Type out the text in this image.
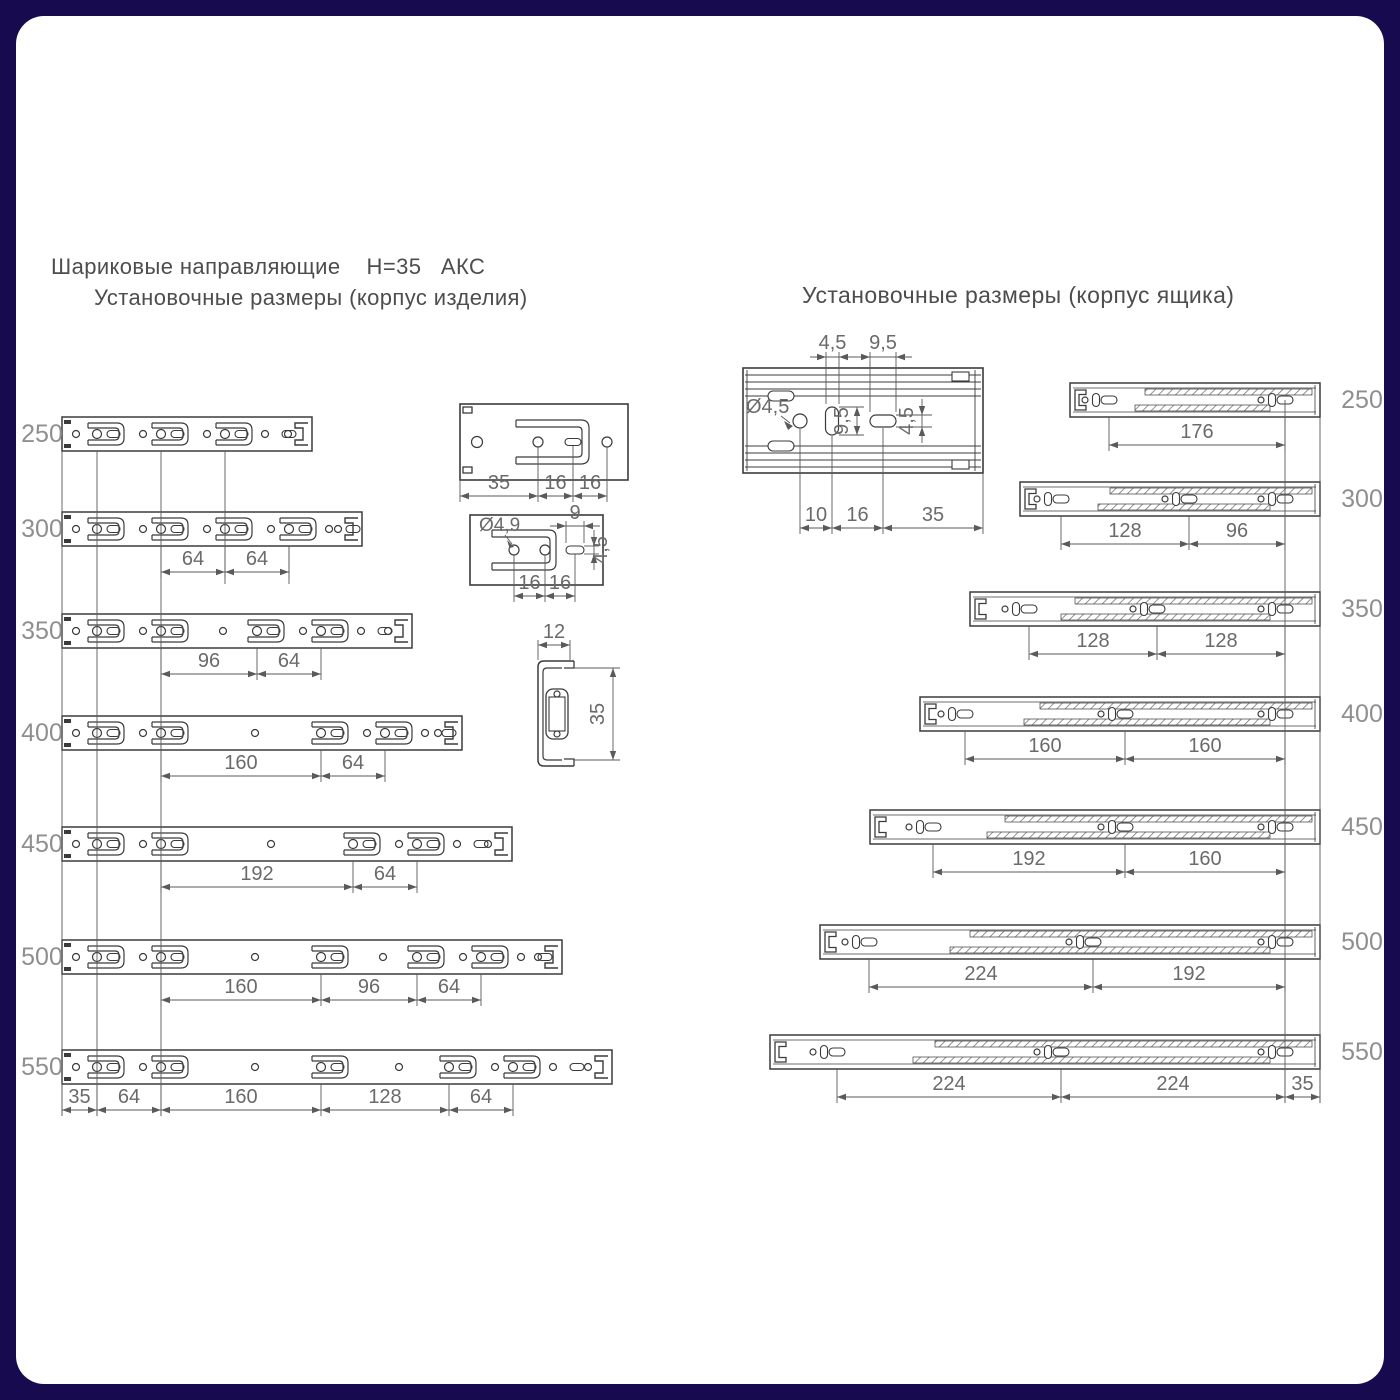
Шариковые направляющие    Н=35   АКС
Установочные размеры (корпус изделия)	Установочные размеры (корпус ящика)
250
300
64 64
350
96	64
400
160	64
450
192	64
500
160	96	64
550
35 64	160	128	64
250
176
300
128	96
350
128	128
400
160	160
450
192	160
500
224	192
550
224	224	35
35 16 16
Ø4,9
9
4,5
16 16
12
35
Ø4,5
4,5 9,5
9,5 4,5
10 16	35
